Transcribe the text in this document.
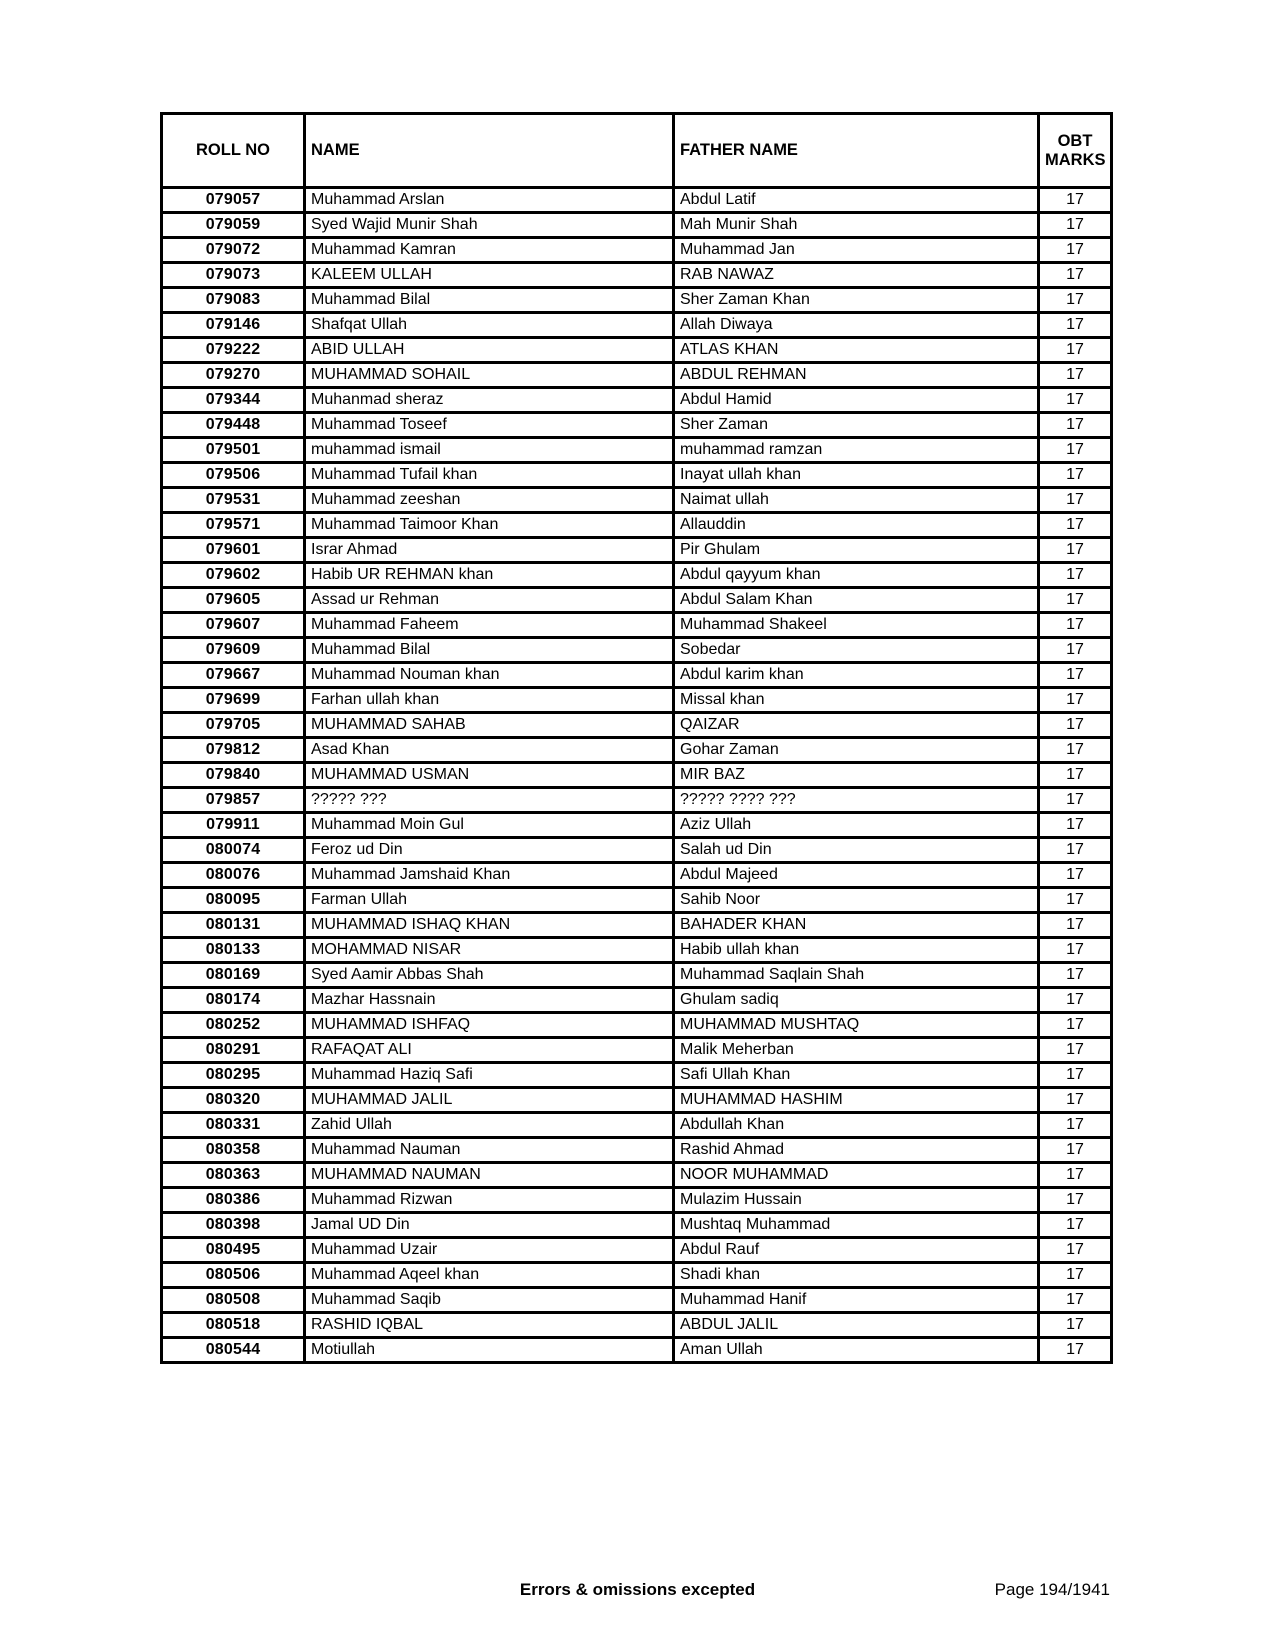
ROLL NO	NAME	FATHER NAME	OBT
MARKS
079057	Muhammad Arslan	Abdul Latif	17
079059	Syed Wajid Munir Shah	Mah Munir Shah	17
079072	Muhammad Kamran	Muhammad Jan	17
079073	KALEEM ULLAH	RAB NAWAZ	17
079083	Muhammad Bilal	Sher Zaman Khan	17
079146	Shafqat Ullah	Allah Diwaya	17
079222	ABID ULLAH	ATLAS KHAN	17
079270	MUHAMMAD SOHAIL	ABDUL REHMAN	17
079344	Muhanmad sheraz	Abdul Hamid	17
079448	Muhammad Toseef	Sher Zaman	17
079501	muhammad ismail	muhammad ramzan	17
079506	Muhammad Tufail khan	Inayat ullah khan	17
079531	Muhammad zeeshan	Naimat ullah	17
079571	Muhammad Taimoor Khan	Allauddin	17
079601	Israr Ahmad	Pir Ghulam	17
079602	Habib UR REHMAN khan	Abdul qayyum khan	17
079605	Assad ur Rehman	Abdul Salam Khan	17
079607	Muhammad Faheem	Muhammad Shakeel	17
079609	Muhammad Bilal	Sobedar	17
079667	Muhammad Nouman khan	Abdul karim khan	17
079699	Farhan ullah khan	Missal khan	17
079705	MUHAMMAD SAHAB	QAIZAR	17
079812	Asad Khan	Gohar Zaman	17
079840	MUHAMMAD USMAN	MIR BAZ	17
079857	????? ???	????? ???? ???	17
079911	Muhammad Moin Gul	Aziz Ullah	17
080074	Feroz ud Din	Salah ud Din	17
080076	Muhammad Jamshaid Khan	Abdul Majeed	17
080095	Farman Ullah	Sahib Noor	17
080131	MUHAMMAD ISHAQ KHAN	BAHADER KHAN	17
080133	MOHAMMAD NISAR	Habib ullah khan	17
080169	Syed Aamir Abbas Shah	Muhammad Saqlain Shah	17
080174	Mazhar Hassnain	Ghulam sadiq	17
080252	MUHAMMAD ISHFAQ	MUHAMMAD MUSHTAQ	17
080291	RAFAQAT ALI	Malik Meherban	17
080295	Muhammad Haziq Safi	Safi Ullah Khan	17
080320	MUHAMMAD JALIL	MUHAMMAD HASHIM	17
080331	Zahid Ullah	Abdullah Khan	17
080358	Muhammad Nauman	Rashid Ahmad	17
080363	MUHAMMAD NAUMAN	NOOR MUHAMMAD	17
080386	Muhammad Rizwan	Mulazim Hussain	17
080398	Jamal UD Din	Mushtaq Muhammad	17
080495	Muhammad Uzair	Abdul Rauf	17
080506	Muhammad Aqeel khan	Shadi khan	17
080508	Muhammad Saqib	Muhammad Hanif	17
080518	RASHID IQBAL	ABDUL JALIL	17
080544	Motiullah	Aman Ullah	17
Errors & omissions excepted	Page 194/1941
